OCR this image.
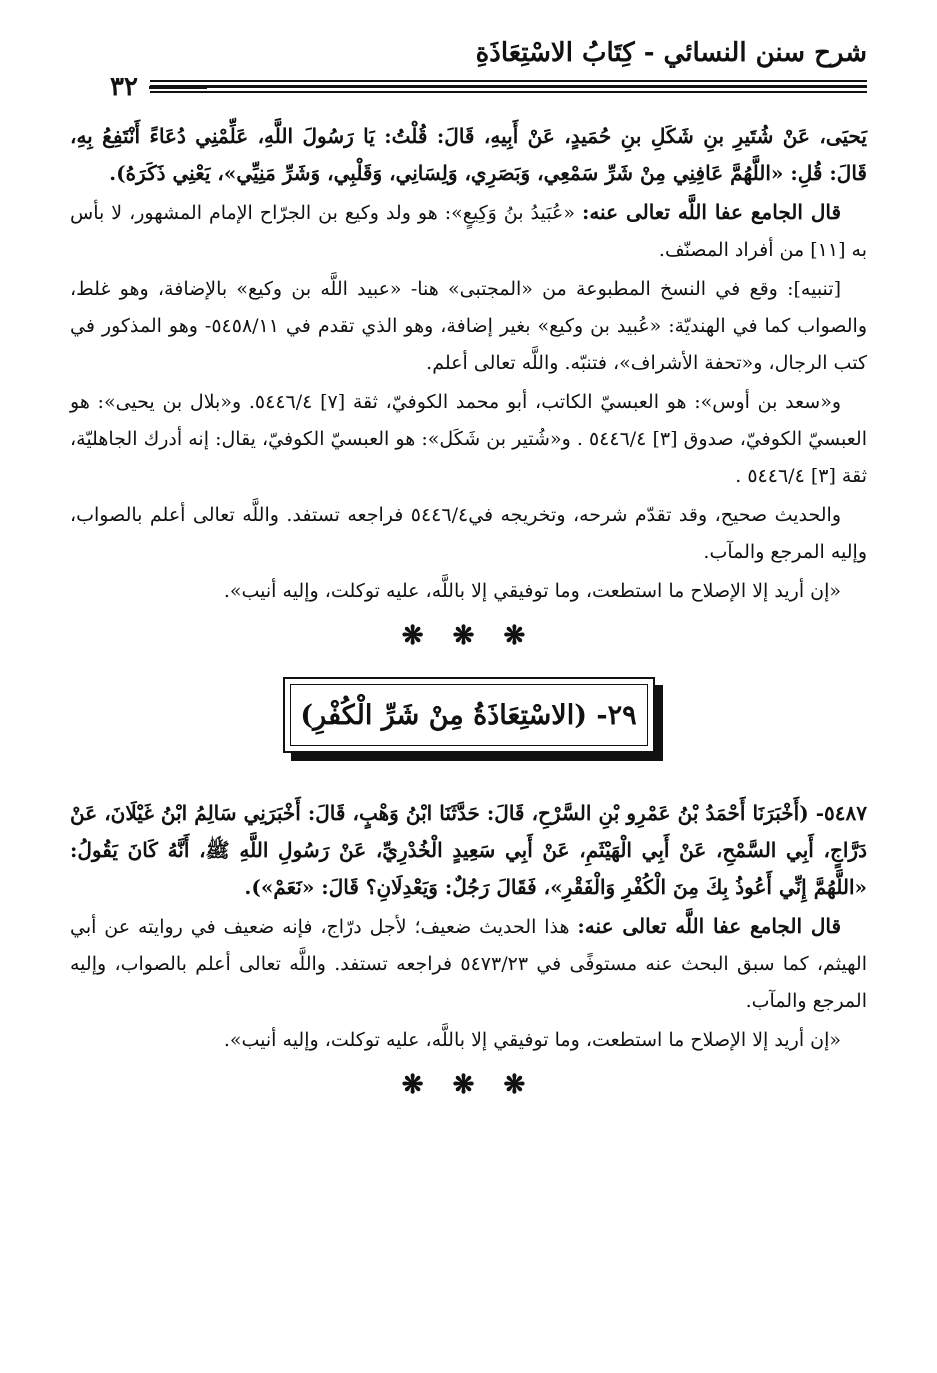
شرح سنن النسائي - كِتَابُ الاسْتِعَاذَةِ
٣٢

يَحيَى، عَنْ شُتَيرِ بنِ شَكَلِ بنِ حُمَيدٍ، عَنْ أَبِيهِ، قَالَ: قُلْتُ: يَا رَسُولَ اللَّهِ، عَلِّمْنِي دُعَاءً أَنْتَفِعُ بِهِ، قَالَ: قُلِ: «اللَّهُمَّ عَافِنِي مِنْ شَرِّ سَمْعِي، وَبَصَرِي، وَلِسَانِي، وَقَلْبِي، وَشَرِّ مَنِيِّي»، يَعْنِي ذَكَرَهُ).

قال الجامع عفا اللَّه تعالى عنه: «عُبَيدُ بنُ وَكِيعٍ»: هو ولد وكيع بن الجرّاح الإمام المشهور، لا بأس به [١١] من أفراد المصنّف.

[تنبيه]: وقع في النسخ المطبوعة من «المجتبى» هنا- «عبيد اللَّه بن وكيع» بالإضافة، وهو غلط، والصواب كما في الهنديّة: «عُبيد بن وكيع» بغير إضافة، وهو الذي تقدم في ٥٤٥٨/١١- وهو المذكور في كتب الرجال، و«تحفة الأشراف»، فتنبّه. واللَّه تعالى أعلم.

و«سعد بن أوس»: هو العبسيّ الكاتب، أبو محمد الكوفيّ، ثقة [٧] ٥٤٤٦/٤. و«بلال بن يحيى»: هو العبسيّ الكوفيّ، صدوق [٣] ٥٤٤٦/٤ . و«شُتير بن شَكَل»: هو العبسيّ الكوفيّ، يقال: إنه أدرك الجاهليّة، ثقة [٣] ٥٤٤٦/٤ .

والحديث صحيح، وقد تقدّم شرحه، وتخريجه في٥٤٤٦/٤ فراجعه تستفد. واللَّه تعالى أعلم بالصواب، وإليه المرجع والمآب.

«إن أريد إلا الإصلاح ما استطعت، وما توفيقي إلا باللَّه، عليه توكلت، وإليه أنيب».

❋ ❋ ❋
٢٩- (الاسْتِعَاذَةُ مِنْ شَرِّ الْكُفْرِ)

٥٤٨٧- (أَخْبَرَنَا أَحْمَدُ بْنُ عَمْرِو بْنِ السَّرْحِ، قَالَ: حَدَّثَنَا ابْنُ وَهْبٍ، قَالَ: أَخْبَرَنِي سَالِمُ ابْنُ غَيْلَانَ، عَنْ دَرَّاجٍ، أَبِي السَّمْحِ، عَنْ أَبِي الْهَيْثَمِ، عَنْ أَبِي سَعِيدٍ الْخُدْرِيِّ، عَنْ رَسُولِ اللَّهِ ﷺ، أَنَّهُ كَانَ يَقُولُ: «اللَّهُمَّ إِنِّي أَعُوذُ بِكَ مِنَ الْكُفْرِ وَالْفَقْرِ»، فَقَالَ رَجُلٌ: وَيَعْدِلَانِ؟ قَالَ: «نَعَمْ»).

قال الجامع عفا اللَّه تعالى عنه: هذا الحديث ضعيف؛ لأجل درّاج، فإنه ضعيف في روايته عن أبي الهيثم، كما سبق البحث عنه مستوفًى في ٥٤٧٣/٢٣ فراجعه تستفد. واللَّه تعالى أعلم بالصواب، وإليه المرجع والمآب.

«إن أريد إلا الإصلاح ما استطعت، وما توفيقي إلا باللَّه، عليه توكلت، وإليه أنيب».

❋ ❋ ❋
